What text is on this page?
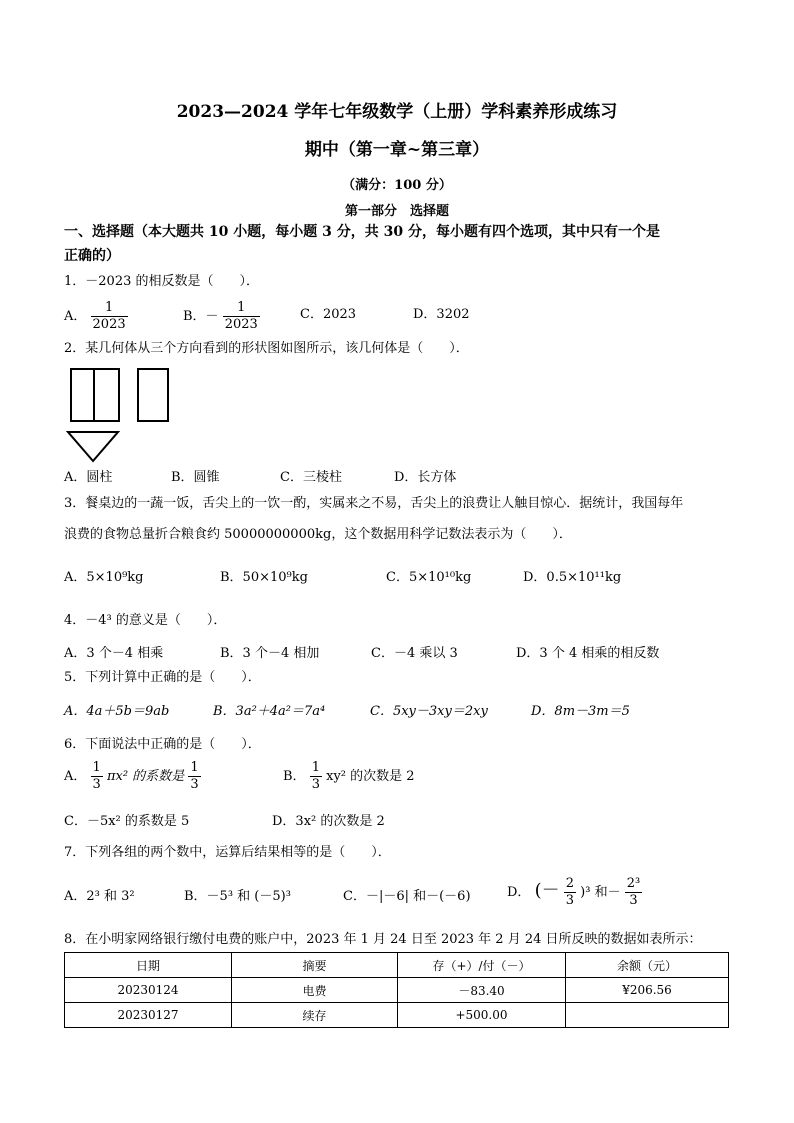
2023—2024 学年七年级数学（上册）学科素养形成练习
期中（第一章~第三章）
（满分：100 分）
第一部分　选择题
一、选择题（本大题共 10 小题，每小题 3 分，共 30 分，每小题有四个选项，其中只有一个是
正确的）
1．－2023 的相反数是（　　）．
A． $\frac{1}{2023}$	B．－ $\frac{1}{2023}$	C．2023	D．3202
2．某几何体从三个方向看到的形状图如图所示，该几何体是（　　）．
A．圆柱	B．圆锥	C．三棱柱	D．长方体
3．餐桌边的一蔬一饭，舌尖上的一饮一酌，实属来之不易，舌尖上的浪费让人触目惊心．据统计，我国每年
浪费的食物总量折合粮食约 50000000000kg，这个数据用科学记数法表示为（　　）．
A．5×10⁹kg	B．50×10⁹kg	C．5×10¹⁰kg	D．0.5×10¹¹kg
4．－4³ 的意义是（　　）．
A．3 个－4 相乘	B．3 个－4 相加	C．－4 乘以 3	D．3 个 4 相乘的相反数
5．下列计算中正确的是（　　）．
A．4a＋5b＝9ab	B．3a²＋4a²＝7a⁴	C．5xy－3xy＝2xy	D．8m－3m＝5
6．下面说法中正确的是（　　）．
A． $\frac{1}{3} \pi x^2$ 的系数是 $\frac{1}{3}$	B． $\frac{1}{3} xy^2$ 的次数是 2
C．－5x² 的系数是 5	D．3x² 的次数是 2
7．下列各组的两个数中，运算后结果相等的是（　　）．
A．2³ 和 3²	B．－5³ 和 (－5)³	C．－|－6| 和－(－6)	D． (－ $\frac{2}{3} )^3$ 和－ $\frac{\text{2³}}{3}$
8．在小明家网络银行缴付电费的账户中，2023 年 1 月 24 日至 2023 年 2 月 24 日所反映的数据如表所示：
日期	摘要	存（+）/付（－）	余额（元）
20230124	电费	－83.40	¥206.56
20230127	续存	+500.00	
